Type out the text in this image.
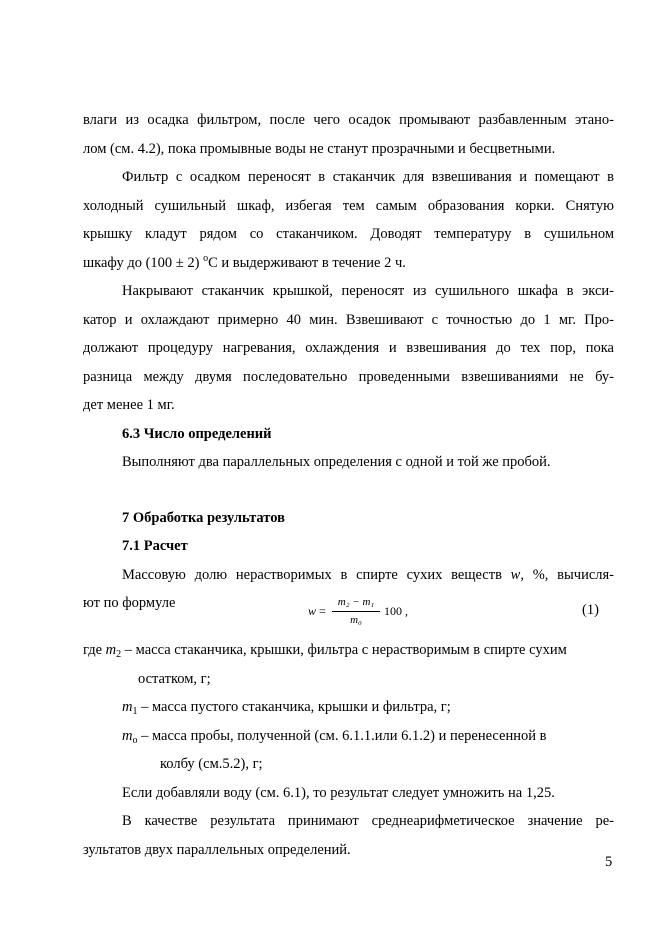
влаги из осадка фильтром, после чего осадок промывают разбавленным этано-
лом (см. 4.2), пока промывные воды не станут прозрачными и бесцветными.
Фильтр с осадком переносят в стаканчик для взвешивания и помещают в
холодный сушильный шкаф, избегая тем самым образования корки. Снятую
крышку кладут рядом со стаканчиком. Доводят температуру в сушильном
шкафу до (100 ± 2) $^о$С и выдерживают в течение 2 ч.
Накрывают стаканчик крышкой, переносят из сушильного шкафа в экси-
катор и охлаждают примерно 40 мин. Взвешивают с точностью до 1 мг. Про-
должают процедуру нагревания, охлаждения и взвешивания до тех пор, пока
разница между двумя последовательно проведенными взвешиваниями не бу-
дет менее 1 мг.
6.3 Число определений
Выполняют два параллельных определения с одной и той же пробой.
7 Обработка результатов
7.1 Расчет
Массовую долю нерастворимых в спирте сухих веществ w, %, вычисля-
ют по формуле	w =
m₂ − m₁
m₀
100 ,	(1)
где $m_2$ – масса стаканчика, крышки, фильтра с нерастворимым в спирте сухим
остатком, г;
$m_1$ – масса пустого стаканчика, крышки и фильтра, г;
$m_о$ – масса пробы, полученной (см. 6.1.1.или 6.1.2) и перенесенной в
колбу (см.5.2), г;
Если добавляли воду (см. 6.1), то результат следует умножить на 1,25.
В качестве результата принимают среднеарифметическое значение ре-
зультатов двух параллельных определений.
5
